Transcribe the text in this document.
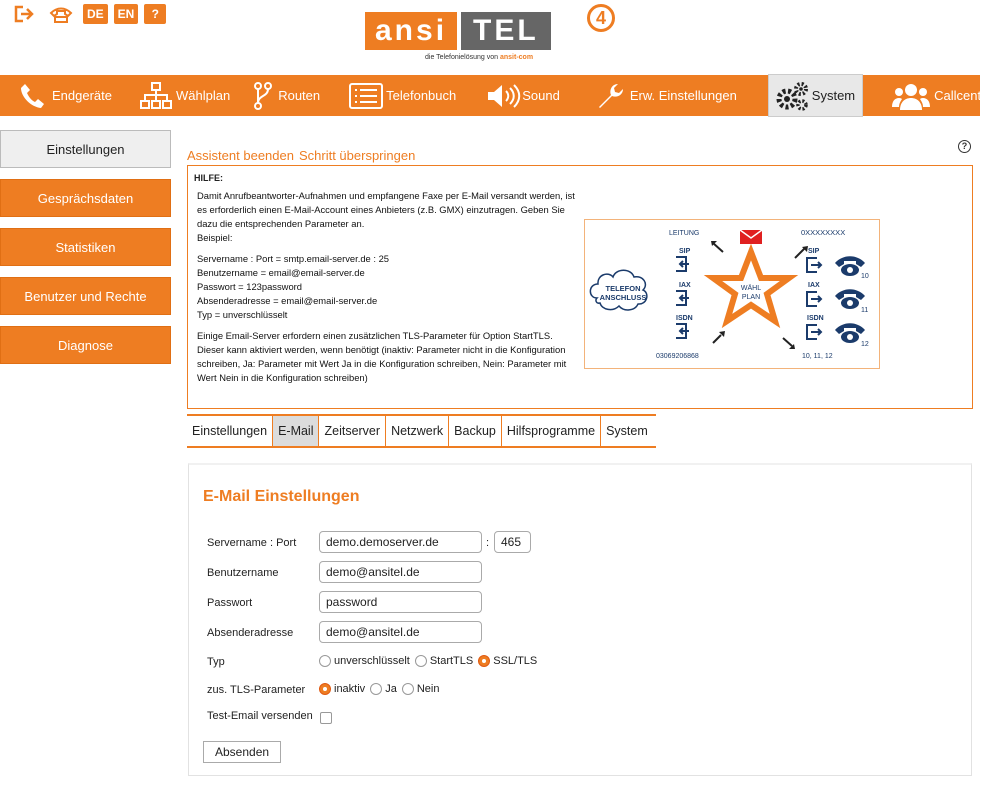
DE	EN	?	ansi TEL	4
die Telefonielösung von ansit-com
Endgeräte	Wählplan	Routen	Telefonbuch	Sound	Erw. Einstellungen	System	Callcenter
Einstellungen
Gesprächsdaten
Statistiken
Benutzer und Rechte
Diagnose
Assistent beenden Schritt überspringen
?
HILFE:

Damit Anrufbeantworter-Aufnahmen und empfangene Faxe per E-Mail versandt werden, ist es erforderlich einen E-Mail-Account eines Anbieters (z.B. GMX) einzutragen. Geben Sie dazu die entsprechenden Parameter an.
Beispiel:

Servername : Port = smtp.email-server.de : 25
Benutzername = email@email-server.de
Passwort = 123password
Absenderadresse = email@email-server.de
Typ = unverschlüsselt

Einige Email-Server erfordern einen zusätzlichen TLS-Parameter für Option StartTLS. Dieser kann aktiviert werden, wenn benötigt (inaktiv: Parameter nicht in die Konfiguration schreiben, Ja: Parameter mit Wert Ja in die Konfiguration schreiben, Nein: Parameter mit Wert Nein in die Konfiguration schreiben)

TELEFON
ANSCHLUSS
LEITUNG
SIP
IAX
ISDN
03069206868
WÄHL
PLAN
0XXXXXXXX
SIP
IAX
ISDN
10
11
12
10, 11, 12
Einstellungen E-Mail Zeitserver Netzwerk Backup Hilfsprogramme System
E-Mail Einstellungen
Servername : Port	demo.demoserver.de	: 465
Benutzername	demo@ansitel.de
Passwort	password
Absenderadresse	demo@ansitel.de
Typ	unverschlüsselt StartTLS SSL/TLS
zus. TLS-Parameter	inaktiv Ja Nein
Test-Email versenden
Absenden
